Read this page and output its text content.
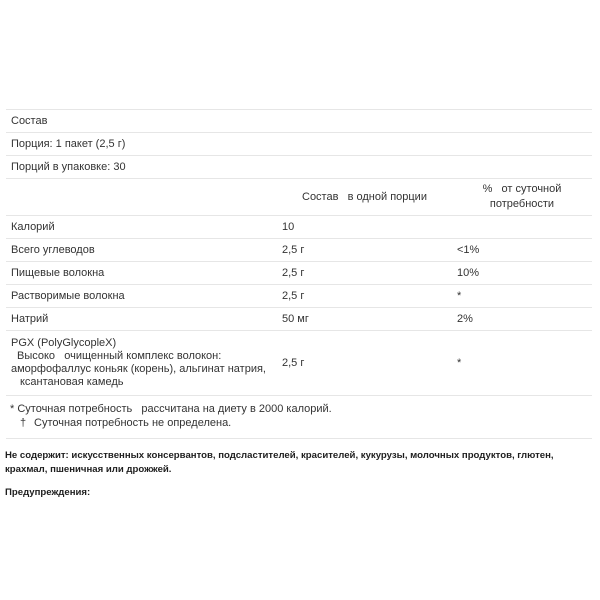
Состав		
Порция: 1 пакет (2,5 г)		
Порций в упаковке: 30		
	Состав   в одной порции	%   от суточной
потребности

Калорий	10	
Всего углеводов	2,5 г	<1%
Пищевые волокна	2,5 г	10%
Растворимые волокна	2,5 г	*
Натрий	50 мг	2%

PGX (PolyGlycopleX)
Высоко   очищенный комплекс волокон:
аморфофаллус коньяк (корень), альгинат натрия,
ксантановая камедь	2,5 г	*
* Суточная потребность   рассчитана на диету в 2000 калорий.
† Суточная потребность не определена.
Не содержит: искусственных консервантов, подсластителей, красителей, кукурузы, молочных продуктов, глютен,
крахмал, пшеничная или дрожжей.
Предупреждения:
